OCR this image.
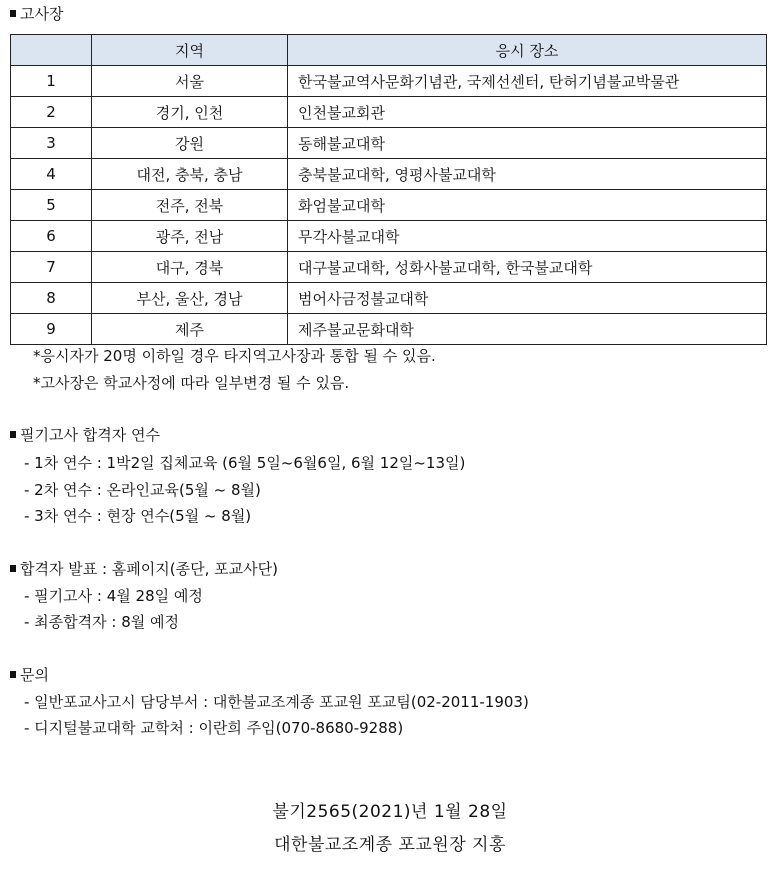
고사장
	지역	응시 장소
1	서울	한국불교역사문화기념관, 국제선센터, 탄허기념불교박물관
2	경기, 인천	인천불교회관
3	강원	동해불교대학
4	대전, 충북, 충남	충북불교대학, 영평사불교대학
5	전주, 전북	화엄불교대학
6	광주, 전남	무각사불교대학
7	대구, 경북	대구불교대학, 성화사불교대학, 한국불교대학
8	부산, 울산, 경남	범어사금정불교대학
9	제주	제주불교문화대학
*응시자가 20명 이하일 경우 타지역고사장과 통합 될 수 있음.
*고사장은 학교사정에 따라 일부변경 될 수 있음.
필기고사 합격자 연수
- 1차 연수 : 1박2일 집체교육 (6월 5일~6월6일, 6월 12일~13일)
- 2차 연수 : 온라인교육(5월 ~ 8월)
- 3차 연수 : 현장 연수(5월 ~ 8월)
합격자 발표 : 홈페이지(종단, 포교사단)
- 필기고사 : 4월 28일 예정
- 최종합격자 : 8월 예정
문의
- 일반포교사고시 담당부서 : 대한불교조계종 포교원 포교팀(02-2011-1903)
- 디지털불교대학 교학처 : 이란희 주임(070-8680-9288)
불기2565(2021)년 1월 28일
대한불교조계종 포교원장 지홍
